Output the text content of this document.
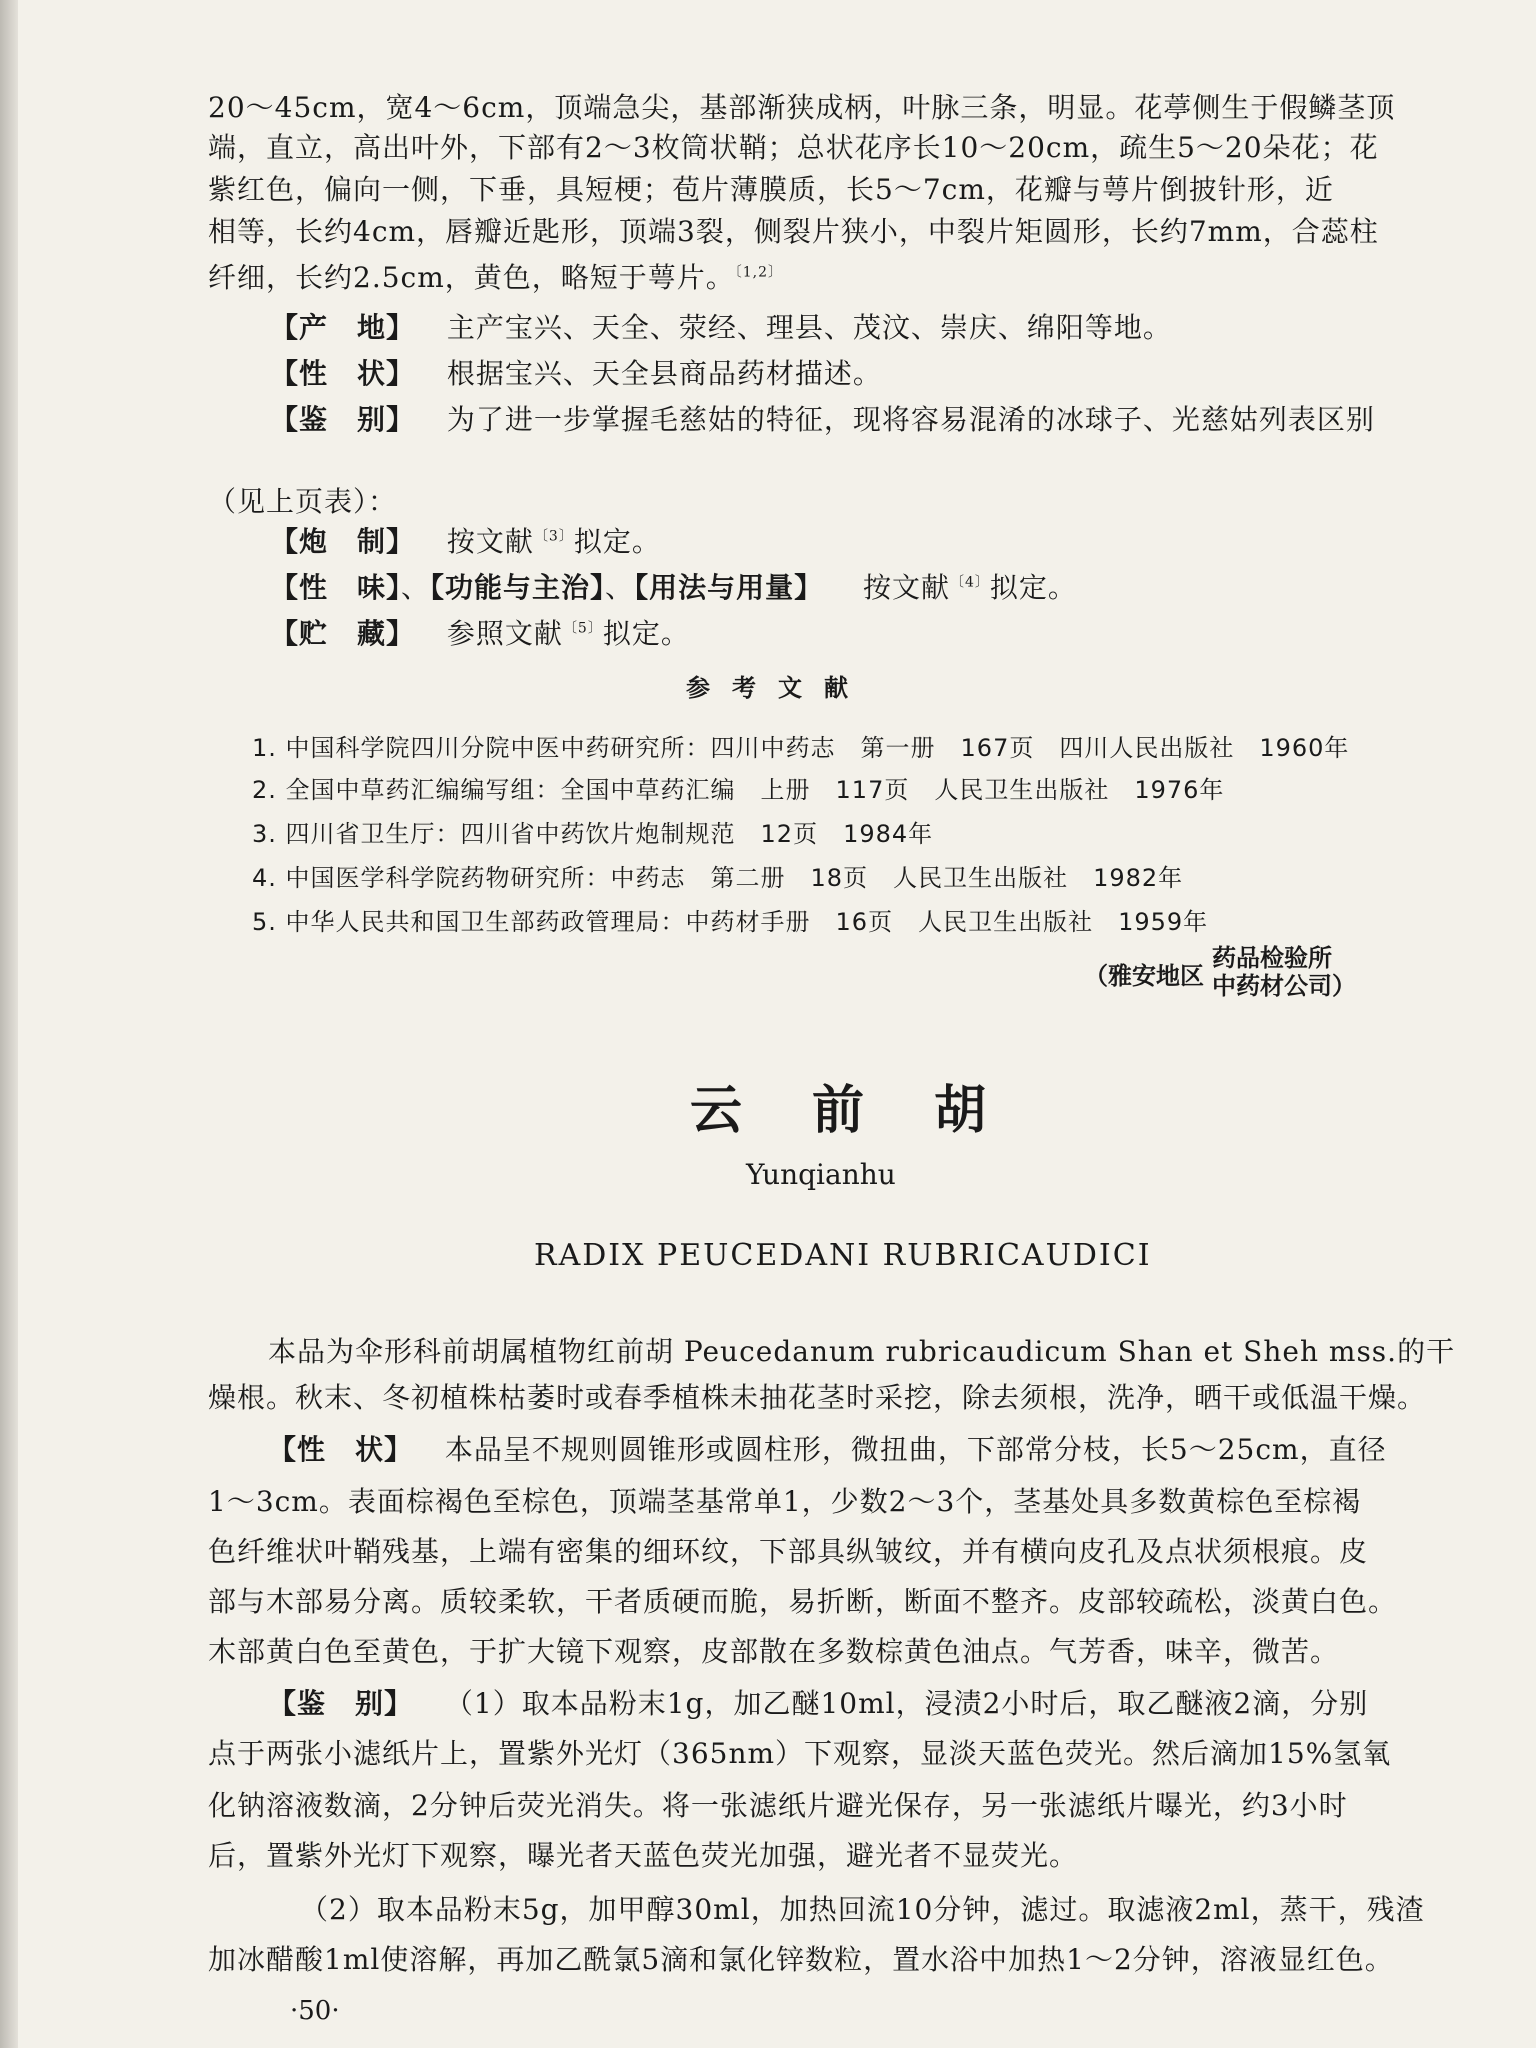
20～45cm，宽4～6cm，顶端急尖，基部渐狭成柄，叶脉三条，明显。花葶侧生于假鳞茎顶
端，直立，高出叶外，下部有2～3枚筒状鞘；总状花序长10～20cm，疏生5～20朵花；花
紫红色，偏向一侧，下垂，具短梗；苞片薄膜质，长5～7cm，花瓣与萼片倒披针形，近
相等，长约4cm，唇瓣近匙形，顶端3裂，侧裂片狭小，中裂片矩圆形，长约7mm，合蕊柱
纤细，长约2.5cm，黄色，略短于萼片。$^{〔1,2〕}$
【产　地】 主产宝兴、天全、荥经、理县、茂汶、崇庆、绵阳等地。
【性　状】 根据宝兴、天全县商品药材描述。
【鉴　别】 为了进一步掌握毛慈姑的特征，现将容易混淆的冰球子、光慈姑列表区别
（见上页表）：
【炮　制】 按文献$^{〔3〕}$拟定。
【性　味】、【功能与主治】、【用法与用量】 按文献$^{〔4〕}$拟定。
【贮　藏】 参照文献$^{〔5〕}$拟定。
参考文献
1. 中国科学院四川分院中医中药研究所：四川中药志　第一册　167页　四川人民出版社　1960年
2. 全国中草药汇编编写组：全国中草药汇编　上册　117页　人民卫生出版社　1976年
3. 四川省卫生厅：四川省中药饮片炮制规范　12页　1984年
4. 中国医学科学院药物研究所：中药志　第二册　18页　人民卫生出版社　1982年
5. 中华人民共和国卫生部药政管理局：中药材手册　16页　人民卫生出版社　1959年
（雅安地区
药品检验所
中药材公司）
云前胡
Yunqianhu
RADIX PEUCEDANI RUBRICAUDICI
本品为伞形科前胡属植物红前胡 Peucedanum rubricaudicum Shan et Sheh mss.的干
燥根。秋末、冬初植株枯萎时或春季植株未抽花茎时采挖，除去须根，洗净，晒干或低温干燥。
【性　状】 本品呈不规则圆锥形或圆柱形，微扭曲，下部常分枝，长5～25cm，直径
1～3cm。表面棕褐色至棕色，顶端茎基常单1，少数2～3个，茎基处具多数黄棕色至棕褐
色纤维状叶鞘残基，上端有密集的细环纹，下部具纵皱纹，并有横向皮孔及点状须根痕。皮
部与木部易分离。质较柔软，干者质硬而脆，易折断，断面不整齐。皮部较疏松，淡黄白色。
木部黄白色至黄色，于扩大镜下观察，皮部散在多数棕黄色油点。气芳香，味辛，微苦。
【鉴　别】 （1）取本品粉末1g，加乙醚10ml，浸渍2小时后，取乙醚液2滴，分别
点于两张小滤纸片上，置紫外光灯（365nm）下观察，显淡天蓝色荧光。然后滴加15%氢氧
化钠溶液数滴，2分钟后荧光消失。将一张滤纸片避光保存，另一张滤纸片曝光，约3小时
后，置紫外光灯下观察，曝光者天蓝色荧光加强，避光者不显荧光。
（2）取本品粉末5g，加甲醇30ml，加热回流10分钟，滤过。取滤液2ml，蒸干，残渣
加冰醋酸1ml使溶解，再加乙酰氯5滴和氯化锌数粒，置水浴中加热1～2分钟，溶液显红色。
·50·
